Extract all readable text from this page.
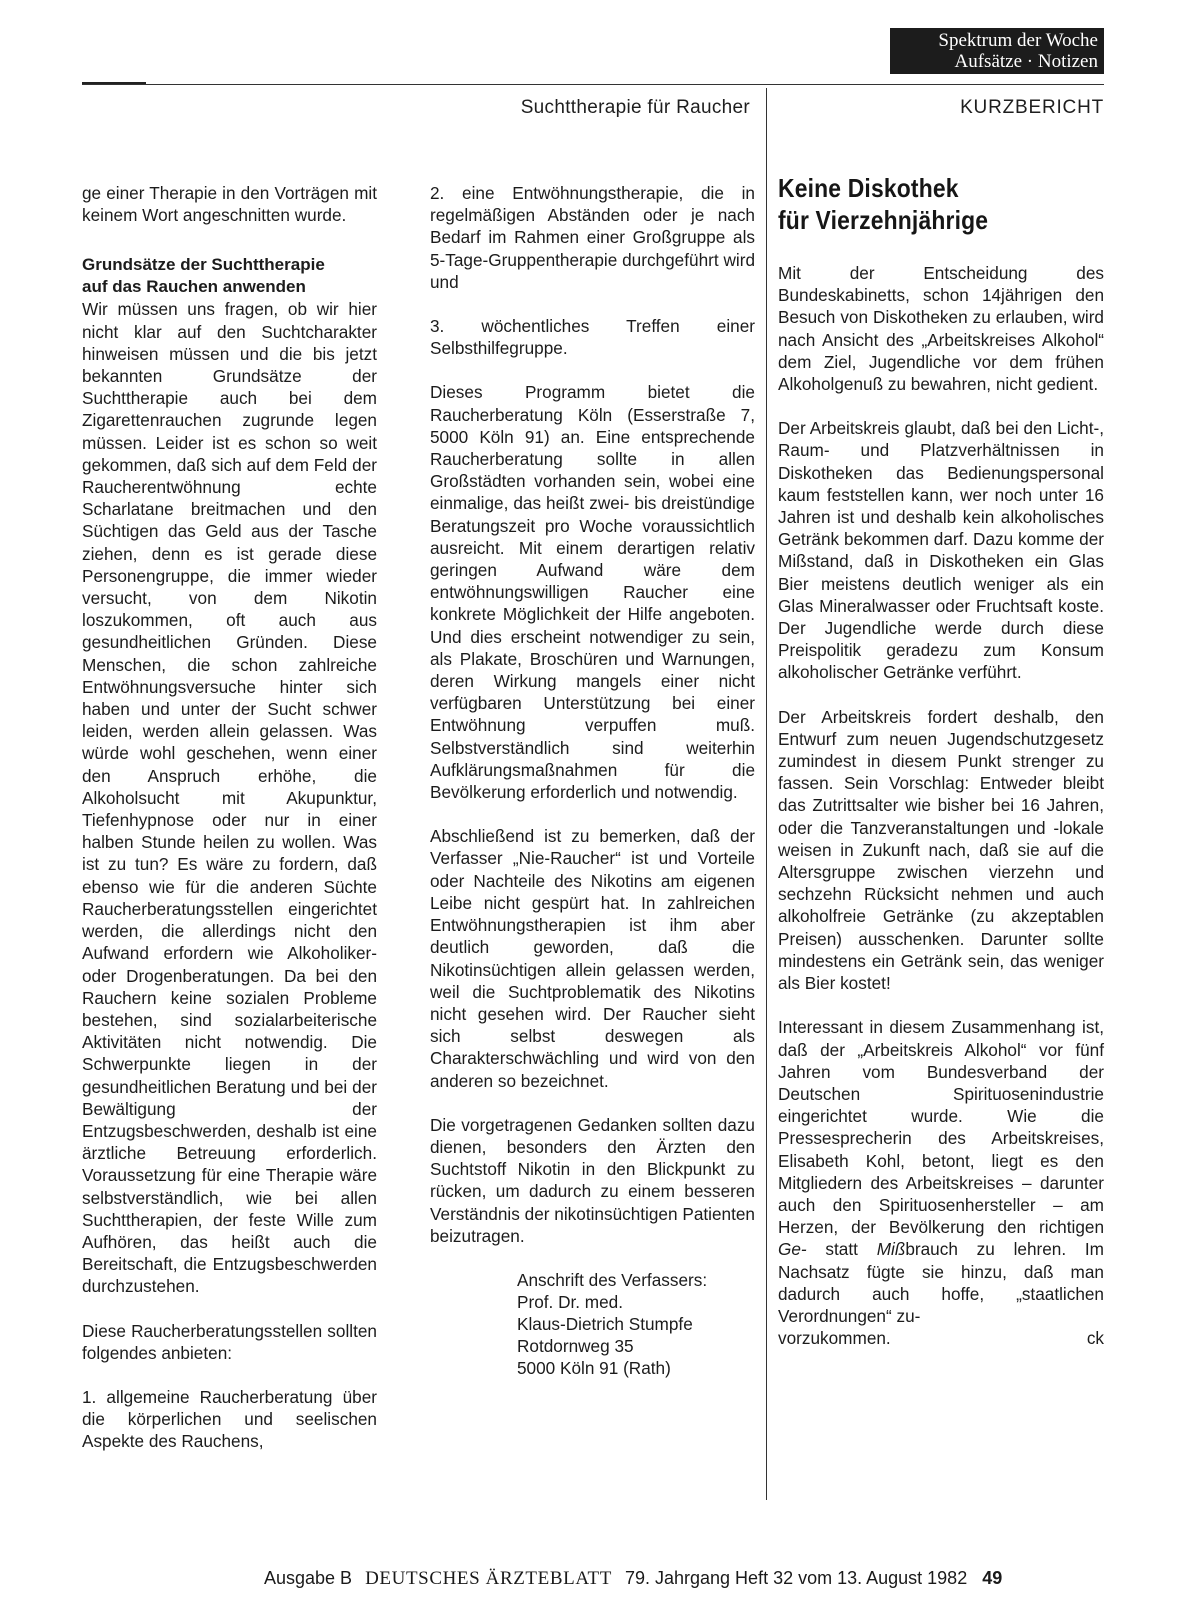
Spektrum der Woche
Aufsätze · Notizen
Suchttherapie für Raucher	KURZBERICHT

ge einer Therapie in den Vorträgen mit keinem Wort angeschnitten wurde.

Grundsätze der Suchttherapie
auf das Rauchen anwenden

Wir müssen uns fragen, ob wir hier nicht klar auf den Suchtcharakter hinweisen müssen und die bis jetzt bekannten Grundsätze der Suchttherapie auch bei dem Zigarettenrauchen zugrunde legen müssen. Leider ist es schon so weit gekommen, daß sich auf dem Feld der Raucherentwöhnung echte Scharlatane breitmachen und den Süchtigen das Geld aus der Tasche ziehen, denn es ist gerade diese Personengruppe, die immer wieder versucht, von dem Nikotin loszukommen, oft auch aus gesundheitlichen Gründen. Diese Menschen, die schon zahlreiche Entwöhnungsversuche hinter sich haben und unter der Sucht schwer leiden, werden allein gelassen. Was würde wohl geschehen, wenn einer den Anspruch erhöhe, die Alkoholsucht mit Akupunktur, Tiefenhypnose oder nur in einer halben Stunde heilen zu wollen. Was ist zu tun? Es wäre zu fordern, daß ebenso wie für die anderen Süchte Raucherberatungsstellen eingerichtet werden, die allerdings nicht den Aufwand erfordern wie Alkoholiker- oder Drogenberatungen. Da bei den Rauchern keine sozialen Probleme bestehen, sind sozialarbeiterische Aktivitäten nicht notwendig. Die Schwerpunkte liegen in der gesundheitlichen Beratung und bei der Bewältigung der Entzugsbeschwerden, deshalb ist eine ärztliche Betreuung erforderlich. Voraussetzung für eine Therapie wäre selbstverständlich, wie bei allen Suchttherapien, der feste Wille zum Aufhören, das heißt auch die Bereitschaft, die Entzugsbeschwerden durchzustehen.

Diese Raucherberatungsstellen sollten folgendes anbieten:

1. allgemeine Raucherberatung über die körperlichen und seelischen Aspekte des Rauchens,

2. eine Entwöhnungstherapie, die in regelmäßigen Abständen oder je nach Bedarf im Rahmen einer Großgruppe als 5-Tage-Gruppentherapie durchgeführt wird und

3. wöchentliches Treffen einer Selbsthilfegruppe.

Dieses Programm bietet die Raucherberatung Köln (Esserstraße 7, 5000 Köln 91) an. Eine entsprechende Raucherberatung sollte in allen Großstädten vorhanden sein, wobei eine einmalige, das heißt zwei- bis dreistündige Beratungszeit pro Woche voraussichtlich ausreicht. Mit einem derartigen relativ geringen Aufwand wäre dem entwöhnungswilligen Raucher eine konkrete Möglichkeit der Hilfe angeboten. Und dies erscheint notwendiger zu sein, als Plakate, Broschüren und Warnungen, deren Wirkung mangels einer nicht verfügbaren Unterstützung bei einer Entwöhnung verpuffen muß. Selbstverständlich sind weiterhin Aufklärungsmaßnahmen für die Bevölkerung erforderlich und notwendig.

Abschließend ist zu bemerken, daß der Verfasser „Nie-Raucher“ ist und Vorteile oder Nachteile des Nikotins am eigenen Leibe nicht gespürt hat. In zahlreichen Entwöhnungstherapien ist ihm aber deutlich geworden, daß die Nikotinsüchtigen allein gelassen werden, weil die Suchtproblematik des Nikotins nicht gesehen wird. Der Raucher sieht sich selbst deswegen als Charakterschwächling und wird von den anderen so bezeichnet.

Die vorgetragenen Gedanken sollten dazu dienen, besonders den Ärzten den Suchtstoff Nikotin in den Blickpunkt zu rücken, um dadurch zu einem besseren Verständnis der nikotinsüchtigen Patienten beizutragen.

Anschrift des Verfassers:
Prof. Dr. med.
Klaus-Dietrich Stumpfe
Rotdornweg 35
5000 Köln 91 (Rath)
Keine Diskothek
für Vierzehnjährige

Mit der Entscheidung des Bundeskabinetts, schon 14jährigen den Besuch von Diskotheken zu erlauben, wird nach Ansicht des „Arbeitskreises Alkohol“ dem Ziel, Jugendliche vor dem frühen Alkoholgenuß zu bewahren, nicht gedient.

Der Arbeitskreis glaubt, daß bei den Licht-, Raum- und Platzverhältnissen in Diskotheken das Bedienungspersonal kaum feststellen kann, wer noch unter 16 Jahren ist und deshalb kein alkoholisches Getränk bekommen darf. Dazu komme der Mißstand, daß in Diskotheken ein Glas Bier meistens deutlich weniger als ein Glas Mineralwasser oder Fruchtsaft koste. Der Jugendliche werde durch diese Preispolitik geradezu zum Konsum alkoholischer Getränke verführt.

Der Arbeitskreis fordert deshalb, den Entwurf zum neuen Jugendschutzgesetz zumindest in diesem Punkt strenger zu fassen. Sein Vorschlag: Entweder bleibt das Zutrittsalter wie bisher bei 16 Jahren, oder die Tanzveranstaltungen und -lokale weisen in Zukunft nach, daß sie auf die Altersgruppe zwischen vierzehn und sechzehn Rücksicht nehmen und auch alkoholfreie Getränke (zu akzeptablen Preisen) ausschenken. Darunter sollte mindestens ein Getränk sein, das weniger als Bier kostet!

Interessant in diesem Zusammenhang ist, daß der „Arbeitskreis Alkohol“ vor fünf Jahren vom Bundesverband der Deutschen Spirituosenindustrie eingerichtet wurde. Wie die Pressesprecherin des Arbeitskreises, Elisabeth Kohl, betont, liegt es den Mitgliedern des Arbeitskreises – darunter auch den Spirituosenhersteller – am Herzen, der Bevölkerung den richtigen Ge- statt Mißbrauch zu lehren. Im Nachsatz fügte sie hinzu, daß man dadurch auch hoffe, „staatlichen Verordnungen“ zu-

vorzukommen.	ck
Ausgabe B DEUTSCHES ÄRZTEBLATT 79. Jahrgang Heft 32 vom 13. August 1982 49
